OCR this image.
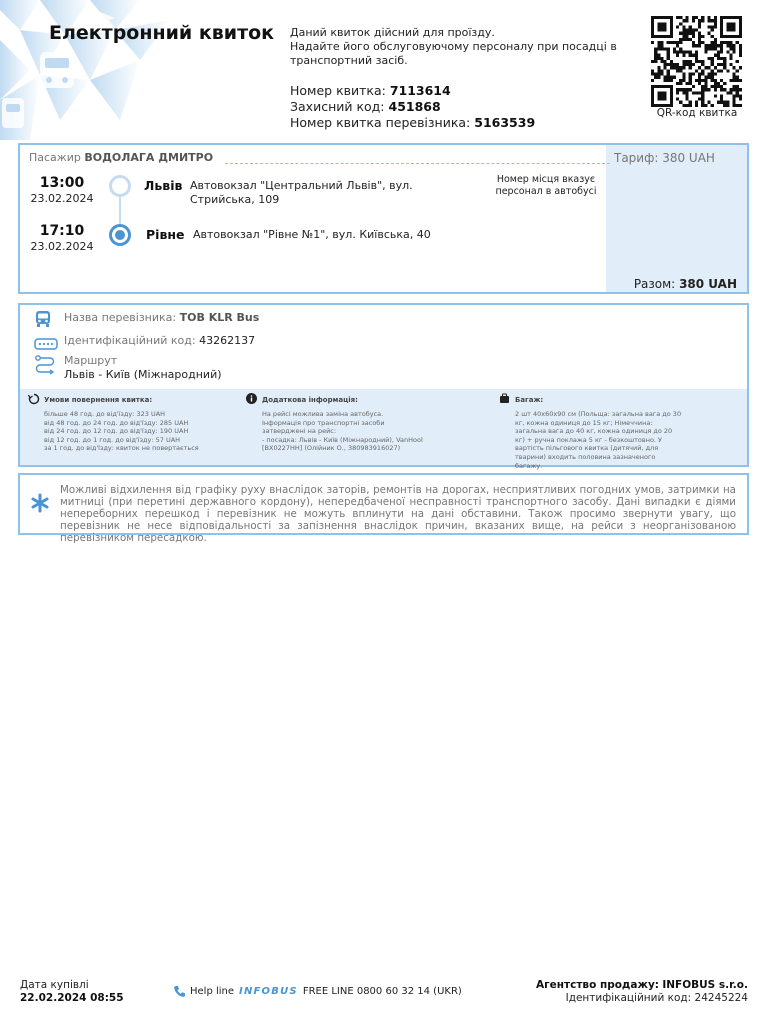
Електронний квиток Даний квиток дійсний для проїзду.
Надайте його обслуговуючому персоналу при посадці в транспортний засіб.
Номер квитка: 7113614
Захисний код: 451868
Номер квитка перевізника: 5163539
QR-код квитка
Тариф: 380 UAH
Разом: 380 UAH
Пасажир ВОДОЛАГА ДМИТРО
13:00
23.02.2024
Львів Автовокзал "Центральний Львів", вул. Стрийська, 109
17:10
23.02.2024
Рівне Автовокзал "Рівне №1", вул. Київська, 40
Номер місця вказує персонал в автобусі
Назва перевізника: ТОВ KLR Bus
Ідентифікаційний код: 43262137
Маршрут
Львів - Київ (Міжнародний)
Умови повернення квитка:
більше 48 год. до від'їзду: 323 UAH
від 48 год. до 24 год. до від'їзду: 285 UAH
від 24 год. до 12 год. до від'їзду: 190 UAH
від 12 год. до 1 год. до від'їзду: 57 UAH
за 1 год. до від'їзду: квиток не повертається
Додаткова інформація:
На рейсі можлива заміна автобуса.
Інформація про транспортні засоби
затверджені на рейс:
- посадка: Львів - Київ (Міжнародний), VanHool
[ВХ0227НН] (Олійник О., 380983916027)
Багаж:
2 шт 40х60х90 см (Польща: загальна вага до 30
кг, кожна одиниця до 15 кг; Німеччина:
загальна вага до 40 кг, кожна одиниця до 20
кг) + ручна поклажа 5 кг - безкоштовно. У
вартість пільгового квитка (дитячий, для
тварини) входить половина зазначеного
багажу.
Можливі відхилення від графіку руху внаслідок заторів, ремонтів на дорогах, несприятливих погодних умов, затримки на митниці (при перетині державного кордону), непередбаченої несправності транспортного засобу. Дані випадки є діями непереборних перешкод і перевізник не можуть вплинути на дані обставини. Також просимо звернути увагу, що перевізник не несе відповідальності за запізнення внаслідок причин, вказаних вище, на рейси з неорганізованою перевізником пересадкою.
Дата купівлі
22.02.2024 08:55
Help line INFOBUS FREE LINE 0800 60 32 14 (UKR)
Агентство продажу: INFOBUS s.r.o.
Ідентифікаційний код: 24245224
